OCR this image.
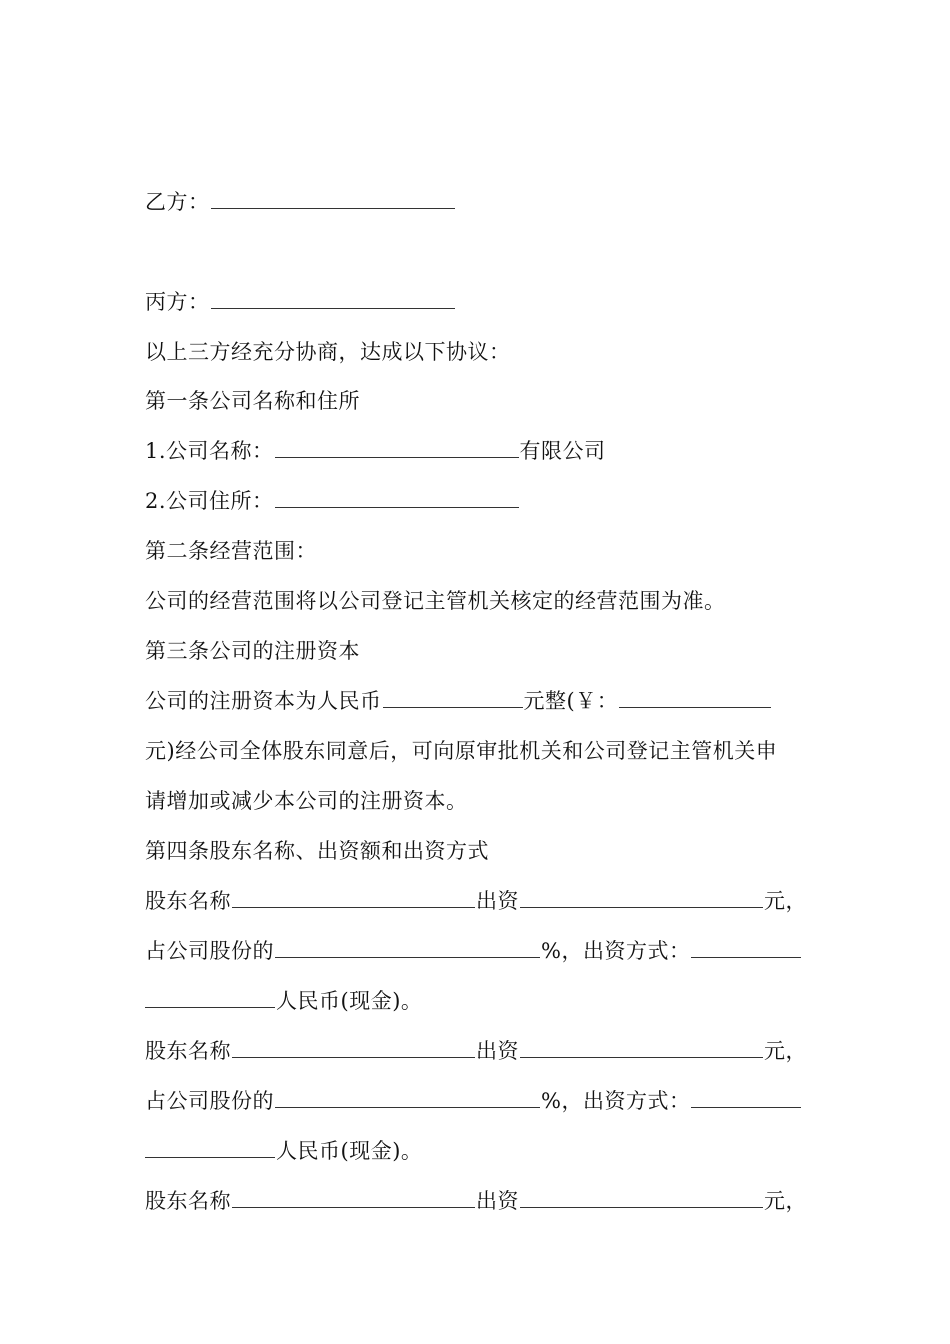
乙方：
丙方：
以上三方经充分协商，达成以下协议：
第一条公司名称和住所
1.公司名称：	有限公司
2.公司住所：
第二条经营范围：
公司的经营范围将以公司登记主管机关核定的经营范围为准。
第三条公司的注册资本
公司的注册资本为人民币	元整(￥：
元)经公司全体股东同意后，可向原审批机关和公司登记主管机关申
请增加或减少本公司的注册资本。
第四条股东名称、出资额和出资方式
股东名称	出资	元，
占公司股份的	%，出资方式：
人民币(现金)。
股东名称	出资	元，
占公司股份的	%，出资方式：
人民币(现金)。
股东名称	出资	元，
